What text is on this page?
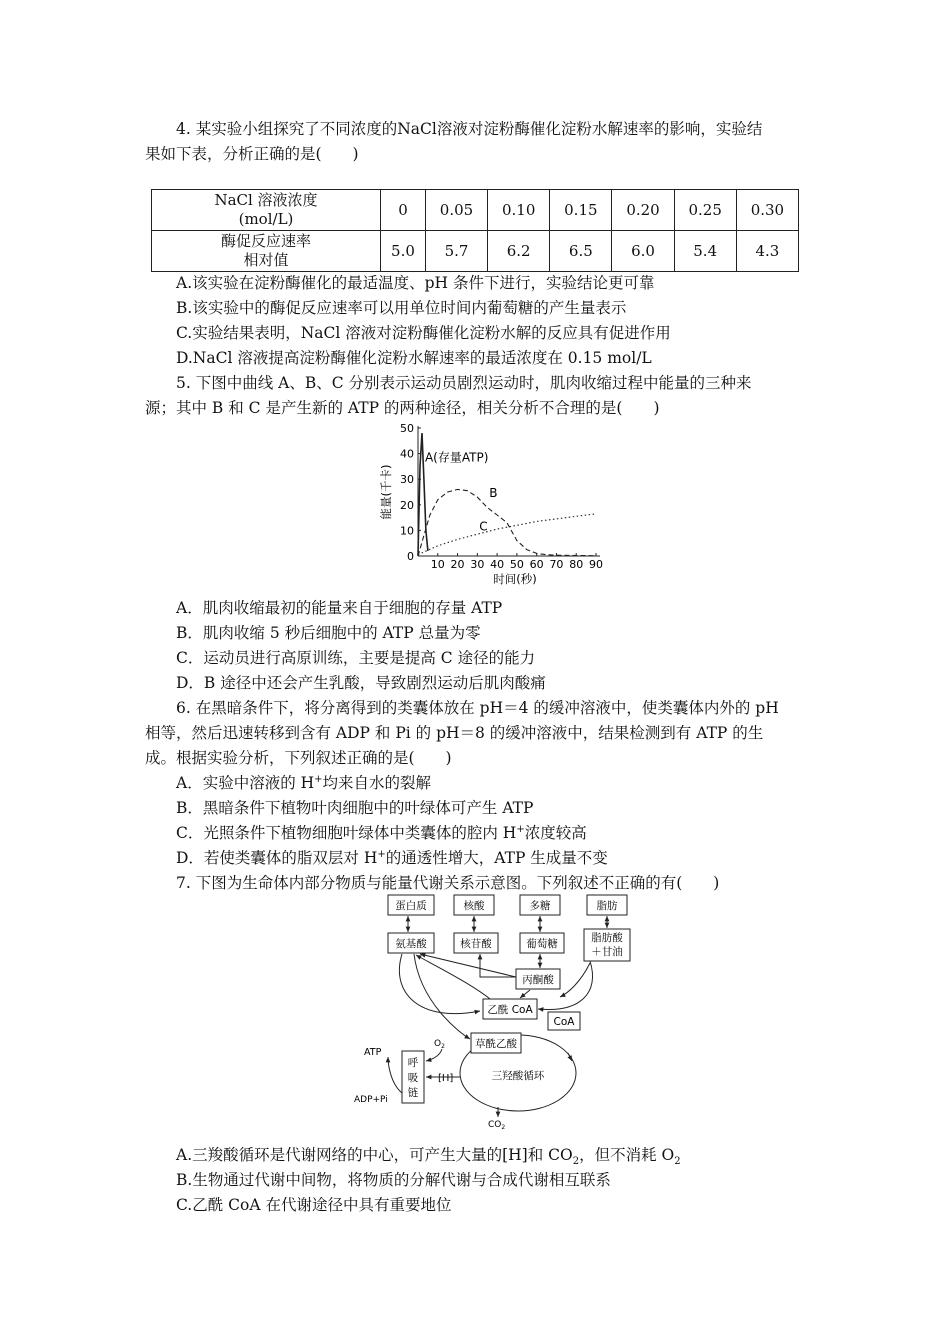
4. 某实验小组探究了不同浓度的NaCl溶液对淀粉酶催化淀粉水解速率的影响，实验结
果如下表，分析正确的是(　　)
NaCl 溶液浓度
(mol/L)	0	0.05	0.10	0.15	0.20	0.25	0.30

酶促反应速率
相对值	5.0	5.7	6.2	6.5	6.0	5.4	4.3
A.该实验在淀粉酶催化的最适温度、pH 条件下进行，实验结论更可靠
B.该实验中的酶促反应速率可以用单位时间内葡萄糖的产生量表示
C.实验结果表明，NaCl 溶液对淀粉酶催化淀粉水解的反应具有促进作用
D.NaCl 溶液提高淀粉酶催化淀粉水解速率的最适浓度在 0.15 mol/L
5. 下图中曲线 A、B、C 分别表示运动员剧烈运动时，肌肉收缩过程中能量的三种来
源；其中 B 和 C 是产生新的 ATP 的两种途径，相关分析不合理的是(　　)
10 20 30 40 50 60 70 80 90
0
10
20
30
40
50
时间(秒)
能量(千卡)
A(存量ATP)
B
C
A．肌肉收缩最初的能量来自于细胞的存量 ATP
B．肌肉收缩 5 秒后细胞中的 ATP 总量为零
C．运动员进行高原训练，主要是提高 C 途径的能力
D．B 途径中还会产生乳酸，导致剧烈运动后肌肉酸痛
6. 在黑暗条件下，将分离得到的类囊体放在 pH＝4 的缓冲溶液中，使类囊体内外的 pH
相等，然后迅速转移到含有 ADP 和 Pi 的 pH＝8 的缓冲溶液中，结果检测到有 ATP 的生
成。根据实验分析，下列叙述正确的是(　　)
A．实验中溶液的 H+均来自水的裂解
B．黑暗条件下植物叶肉细胞中的叶绿体可产生 ATP
C．光照条件下植物细胞叶绿体中类囊体的腔内 H+浓度较高
D．若使类囊体的脂双层对 H+的通透性增大，ATP 生成量不变
7. 下图为生命体内部分物质与能量代谢关系示意图。下列叙述不正确的有(　　)
蛋白质	核酸	多糖	脂肪
氨基酸	核苷酸	葡萄糖	脂肪酸
＋甘油
丙酮酸
乙酰 CoA
CoA
草酰乙酸
三羟酸循环
呼
吸
链
[H]
$O_2$
ATP
ADP+Pi
$CO_2$
A.三羧酸循环是代谢网络的中心，可产生大量的[H]和 $CO_2$，但不消耗 $O_2$
B.生物通过代谢中间物，将物质的分解代谢与合成代谢相互联系
C.乙酰 CoA 在代谢途径中具有重要地位
